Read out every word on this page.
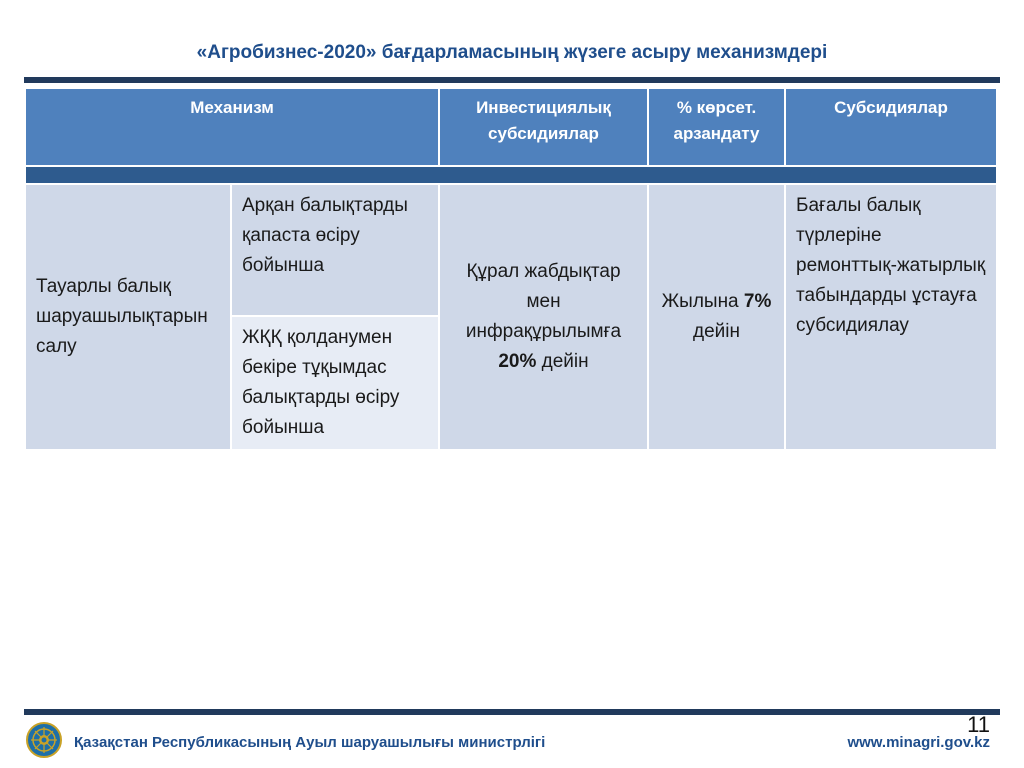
«Агробизнес-2020» бағдарламасының жүзеге асыру механизмдері
Механизм		Инвестициялық субсидиялар	% көрсет. арзандату	Субсидиялар

Тауарлы балық шаруашылықтарын салу	Арқан балықтарды қапаста өсіру бойынша	Құрал жабдықтар мен инфрақұрылымға 20% дейін	Жылына 7% дейін	Бағалы балық түрлеріне ремонттық-жатырлық табындарды ұстауға субсидиялау
	ЖҚҚ қолданумен бекіре тұқымдас балықтарды өсіру бойынша			
11
Қазақстан Республикасының Ауыл шаруашылығы министрлігі	www.minagri.gov.kz
